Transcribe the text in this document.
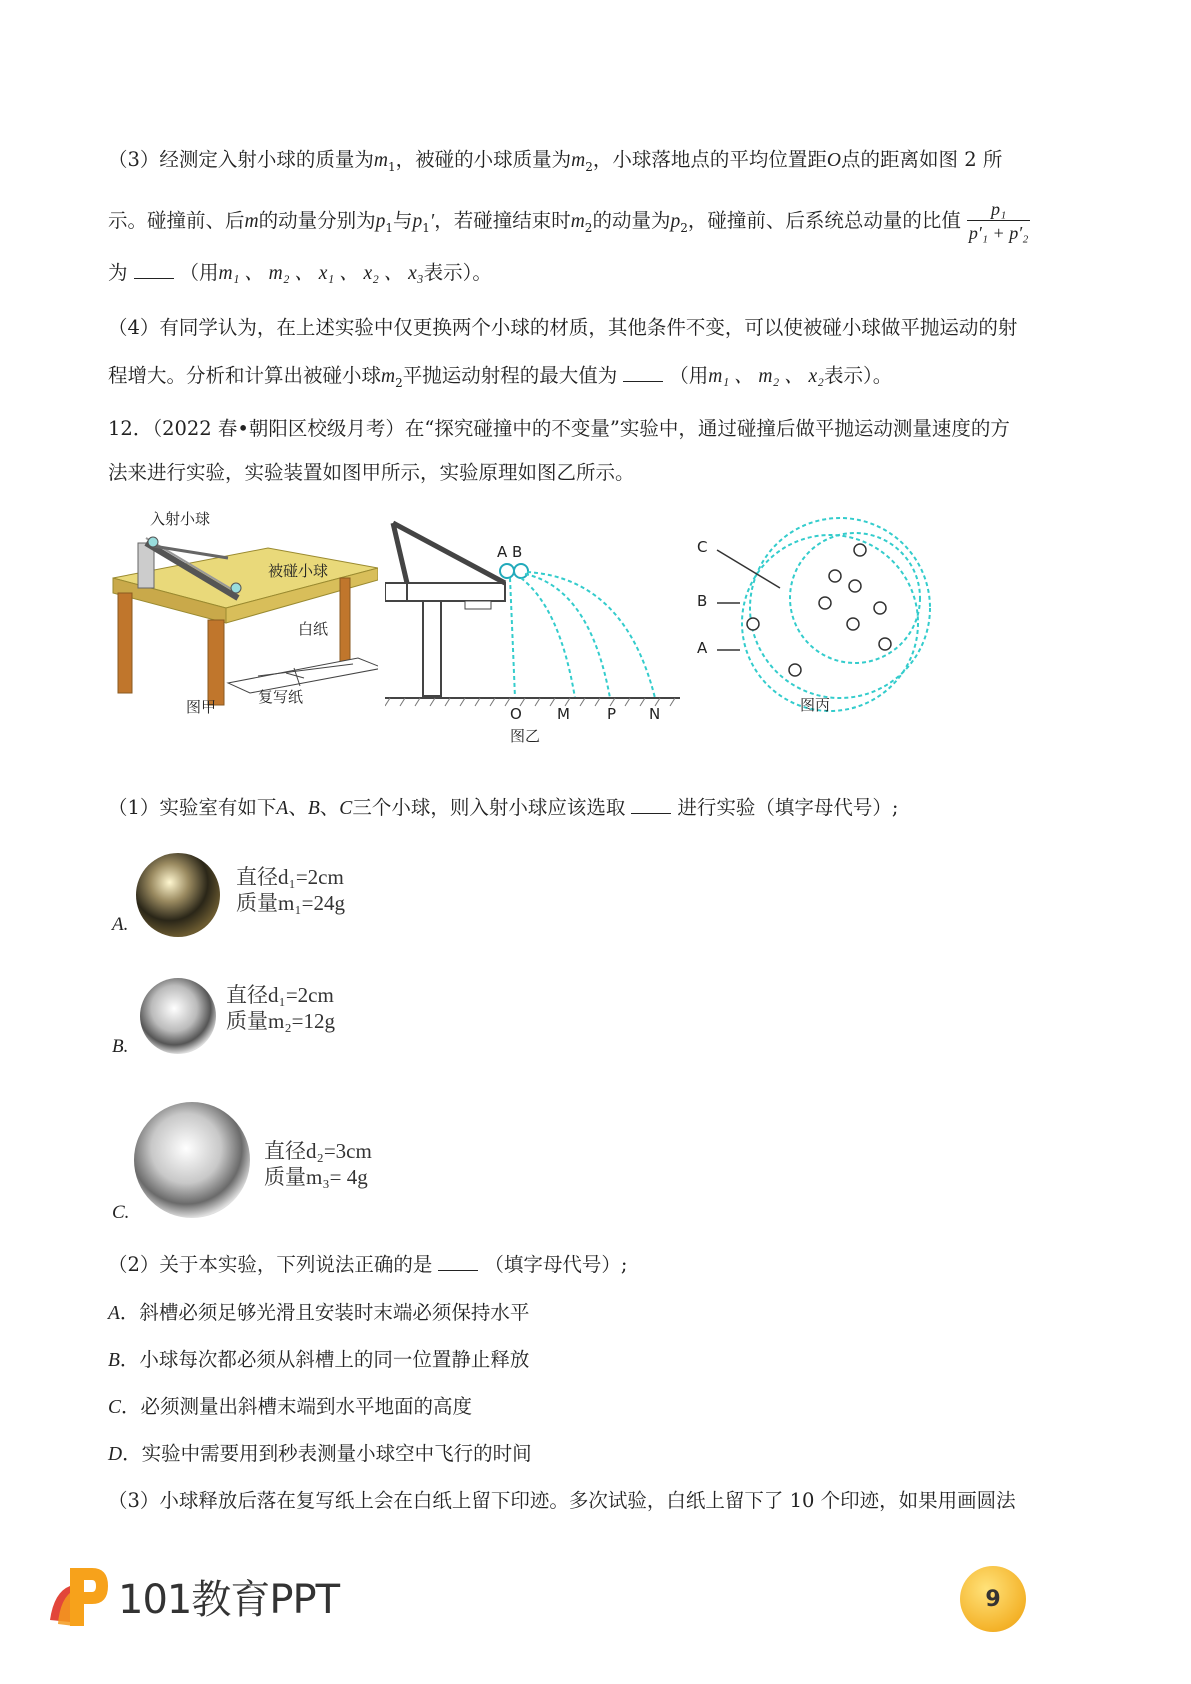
（3）经测定入射小球的质量为$m_1$，被碰的小球质量为$m_2$，小球落地点的平均位置距O点的距离如图 2 所
示。碰撞前、后m的动量分别为$p_1$与$p_1'$，若碰撞结束时$m_2$的动量为$p_2$，碰撞前、后系统总动量的比值 $\frac{\text{p₁}}{\text{p′₁ + p′₂}}$
为	（用m₁ 、 m₂ 、 x₁ 、 x₂ 、 x₃表示）。
（4）有同学认为，在上述实验中仅更换两个小球的材质，其他条件不变，可以使被碰小球做平抛运动的射
程增大。分析和计算出被碰小球$m_2$平抛运动射程的最大值为	（用m₁ 、 m₂ 、 x₂表示）。
12．（2022 春•朝阳区校级月考）在“探究碰撞中的不变量”实验中，通过碰撞后做平抛运动测量速度的方
法来进行实验，实验装置如图甲所示，实验原理如图乙所示。
入射小球
被碰小球
白纸
复写纸
图甲
A B
O M P N
图乙
C
B
A
图丙
（1）实验室有如下A、B、C三个小球，则入射小球应该选取	进行实验（填字母代号）;
直径d₁=2cm
质量m₁=24g
A.
直径d₁=2cm
质量m₂=12g
B.
直径d₂=3cm
质量m₃= 4g
C.
（2）关于本实验，下列说法正确的是	（填字母代号）;
A．斜槽必须足够光滑且安装时末端必须保持水平
B．小球每次都必须从斜槽上的同一位置静止释放
C．必须测量出斜槽末端到水平地面的高度
D．实验中需要用到秒表测量小球空中飞行的时间
（3）小球释放后落在复写纸上会在白纸上留下印迹。多次试验，白纸上留下了 10 个印迹，如果用画圆法
101教育PPT	9
